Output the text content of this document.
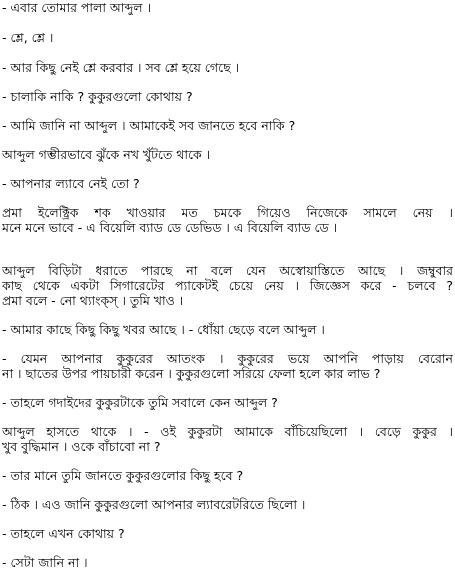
- এবার তোমার পালা আব্দুল ।
- শ্লে, শ্লে ।
- আর কিছু নেই শ্লে করবার । সব শ্লে হয়ে গেছে ।
- চালাকি নাকি ? কুকুরগুলো কোথায় ?
- আমি জানি না আব্দুল । আমাকেই সব জানতে হবে নাকি ?
আব্দুল গম্ভীরভাবে ঝুঁকে নখ খুঁটতে থাকে ।
- আপনার ল্যাবে নেই তো ?
প্রমা ইলেক্ট্রিক শক খাওয়ার মত চমকে গিয়েও নিজেকে সামলে নেয় ।
মনে মনে ভাবে - এ বিয়েলি ব্যাড ডে ডেভিড । এ বিয়েলি ব্যাড ডে ।
আব্দুল বিড়িটা ধরাতে পারছে না বলে যেন অস্বোয়াস্তিতে আছে । জম্বুবার
কাছ থেকে একটা সিগারেটের প্যাকেটই চেয়ে নেয় । জিজ্ঞেস করে - চলবে ?
প্রমা বলে - নো থ্যাংক্স্ । তুমি খাও ।
- আমার কাছে কিছু কিছু খবর আছে । - ধোঁয়া ছেড়ে বলে আব্দুল ।
- যেমন আপনার কুকুরের আতংক । কুকুরের ভয়ে আপনি পাড়ায় বেরোন
না । ছাতের উপর পায়চারী করেন । কুকুরগুলো সরিয়ে ফেলা হলে কার লাভ ?
- তাহলে গদাইদের কুকুরটাকে তুমি সবালে কেন আব্দুল ?
আব্দুল হাসতে থাকে । - ওই কুকুরটা আমাকে বাঁচিয়েছিলো । বেড়ে কুকুর ।
খুব বুদ্ধিমান । ওকে বাঁচাবো না ?
- তার মানে তুমি জানতে কুকুরগুলোর কিছু হবে ?
- ঠিক । এও জানি কুকুরগুলো আপনার ল্যাবরেটরিতে ছিলো ।
- তাহলে এখন কোথায় ?
- সেটা জানি না ।
